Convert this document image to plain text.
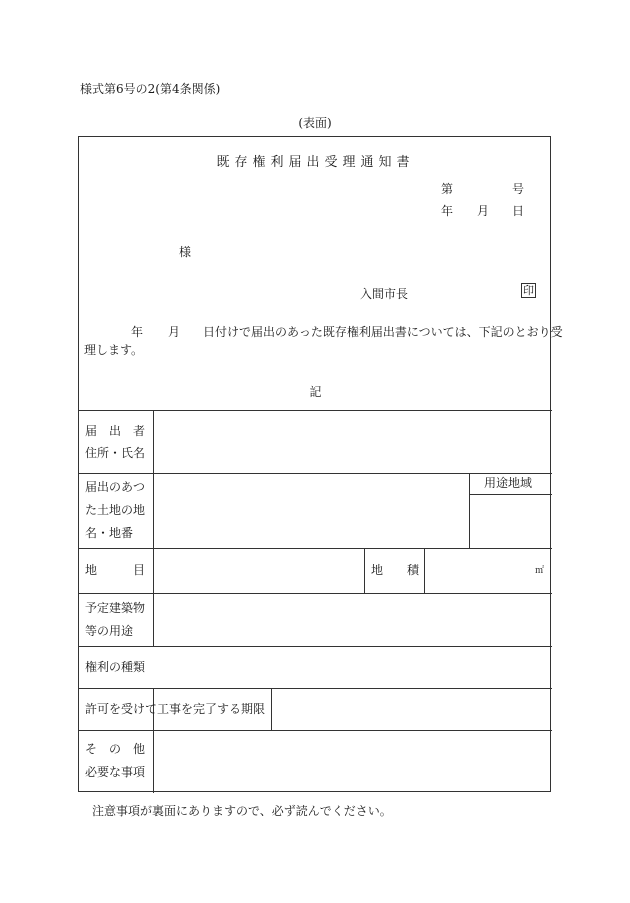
様式第6号の2(第4条関係)
(表面)
既存権利届出受理通知書
第	号
年 月 日
様
入間市長	印
年 月 日付けで届出のあった既存権利届出書については、下記のとおり受
理します。
記
届　出　者
住所・氏名
届出のあつ
た土地の地
名・地番
用途地域
地　　　目	地　　積	㎡
予定建築物
等の用途
権利の種類
許可を受けて工事を完了する期限
そ　の　他
必要な事項
注意事項が裏面にありますので、必ず読んでください。
